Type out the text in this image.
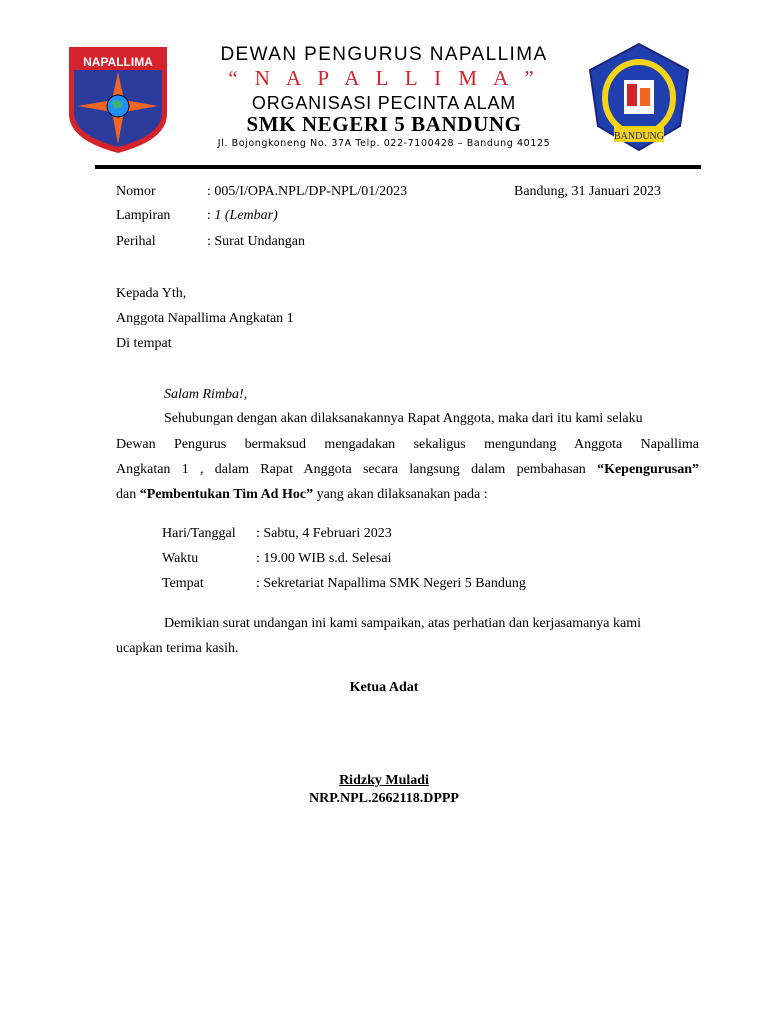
NAPALLIMA
BANDUNG
DEWAN PENGURUS NAPALLIMA
“ N A P A L L I M A ”
ORGANISASI PECINTA ALAM
SMK NEGERI 5 BANDUNG
Jl. Bojongkoneng No. 37A Telp. 022-7100428 – Bandung 40125
Nomor	: 005/I/OPA.NPL/DP-NPL/01/2023	Bandung, 31 Januari 2023
Lampiran	: 1 (Lembar)
Perihal	: Surat Undangan
Kepada Yth,
Anggota Napallima Angkatan 1
Di tempat
Salam Rimba!,
Sehubungan dengan akan dilaksanakannya Rapat Anggota, maka dari itu kami selaku
Dewan Pengurus bermaksud mengadakan sekaligus mengundang Anggota Napallima
Angkatan 1 , dalam Rapat Anggota secara langsung dalam pembahasan “Kepengurusan”
dan “Pembentukan Tim Ad Hoc” yang akan dilaksanakan pada :
Hari/Tanggal : Sabtu, 4 Februari 2023
Waktu	: 19.00 WIB s.d. Selesai
Tempat	: Sekretariat Napallima SMK Negeri 5 Bandung
Demikian surat undangan ini kami sampaikan, atas perhatian dan kerjasamanya kami
ucapkan terima kasih.
Ketua Adat
Ridzky Muladi
NRP.NPL.2662118.DPPP
